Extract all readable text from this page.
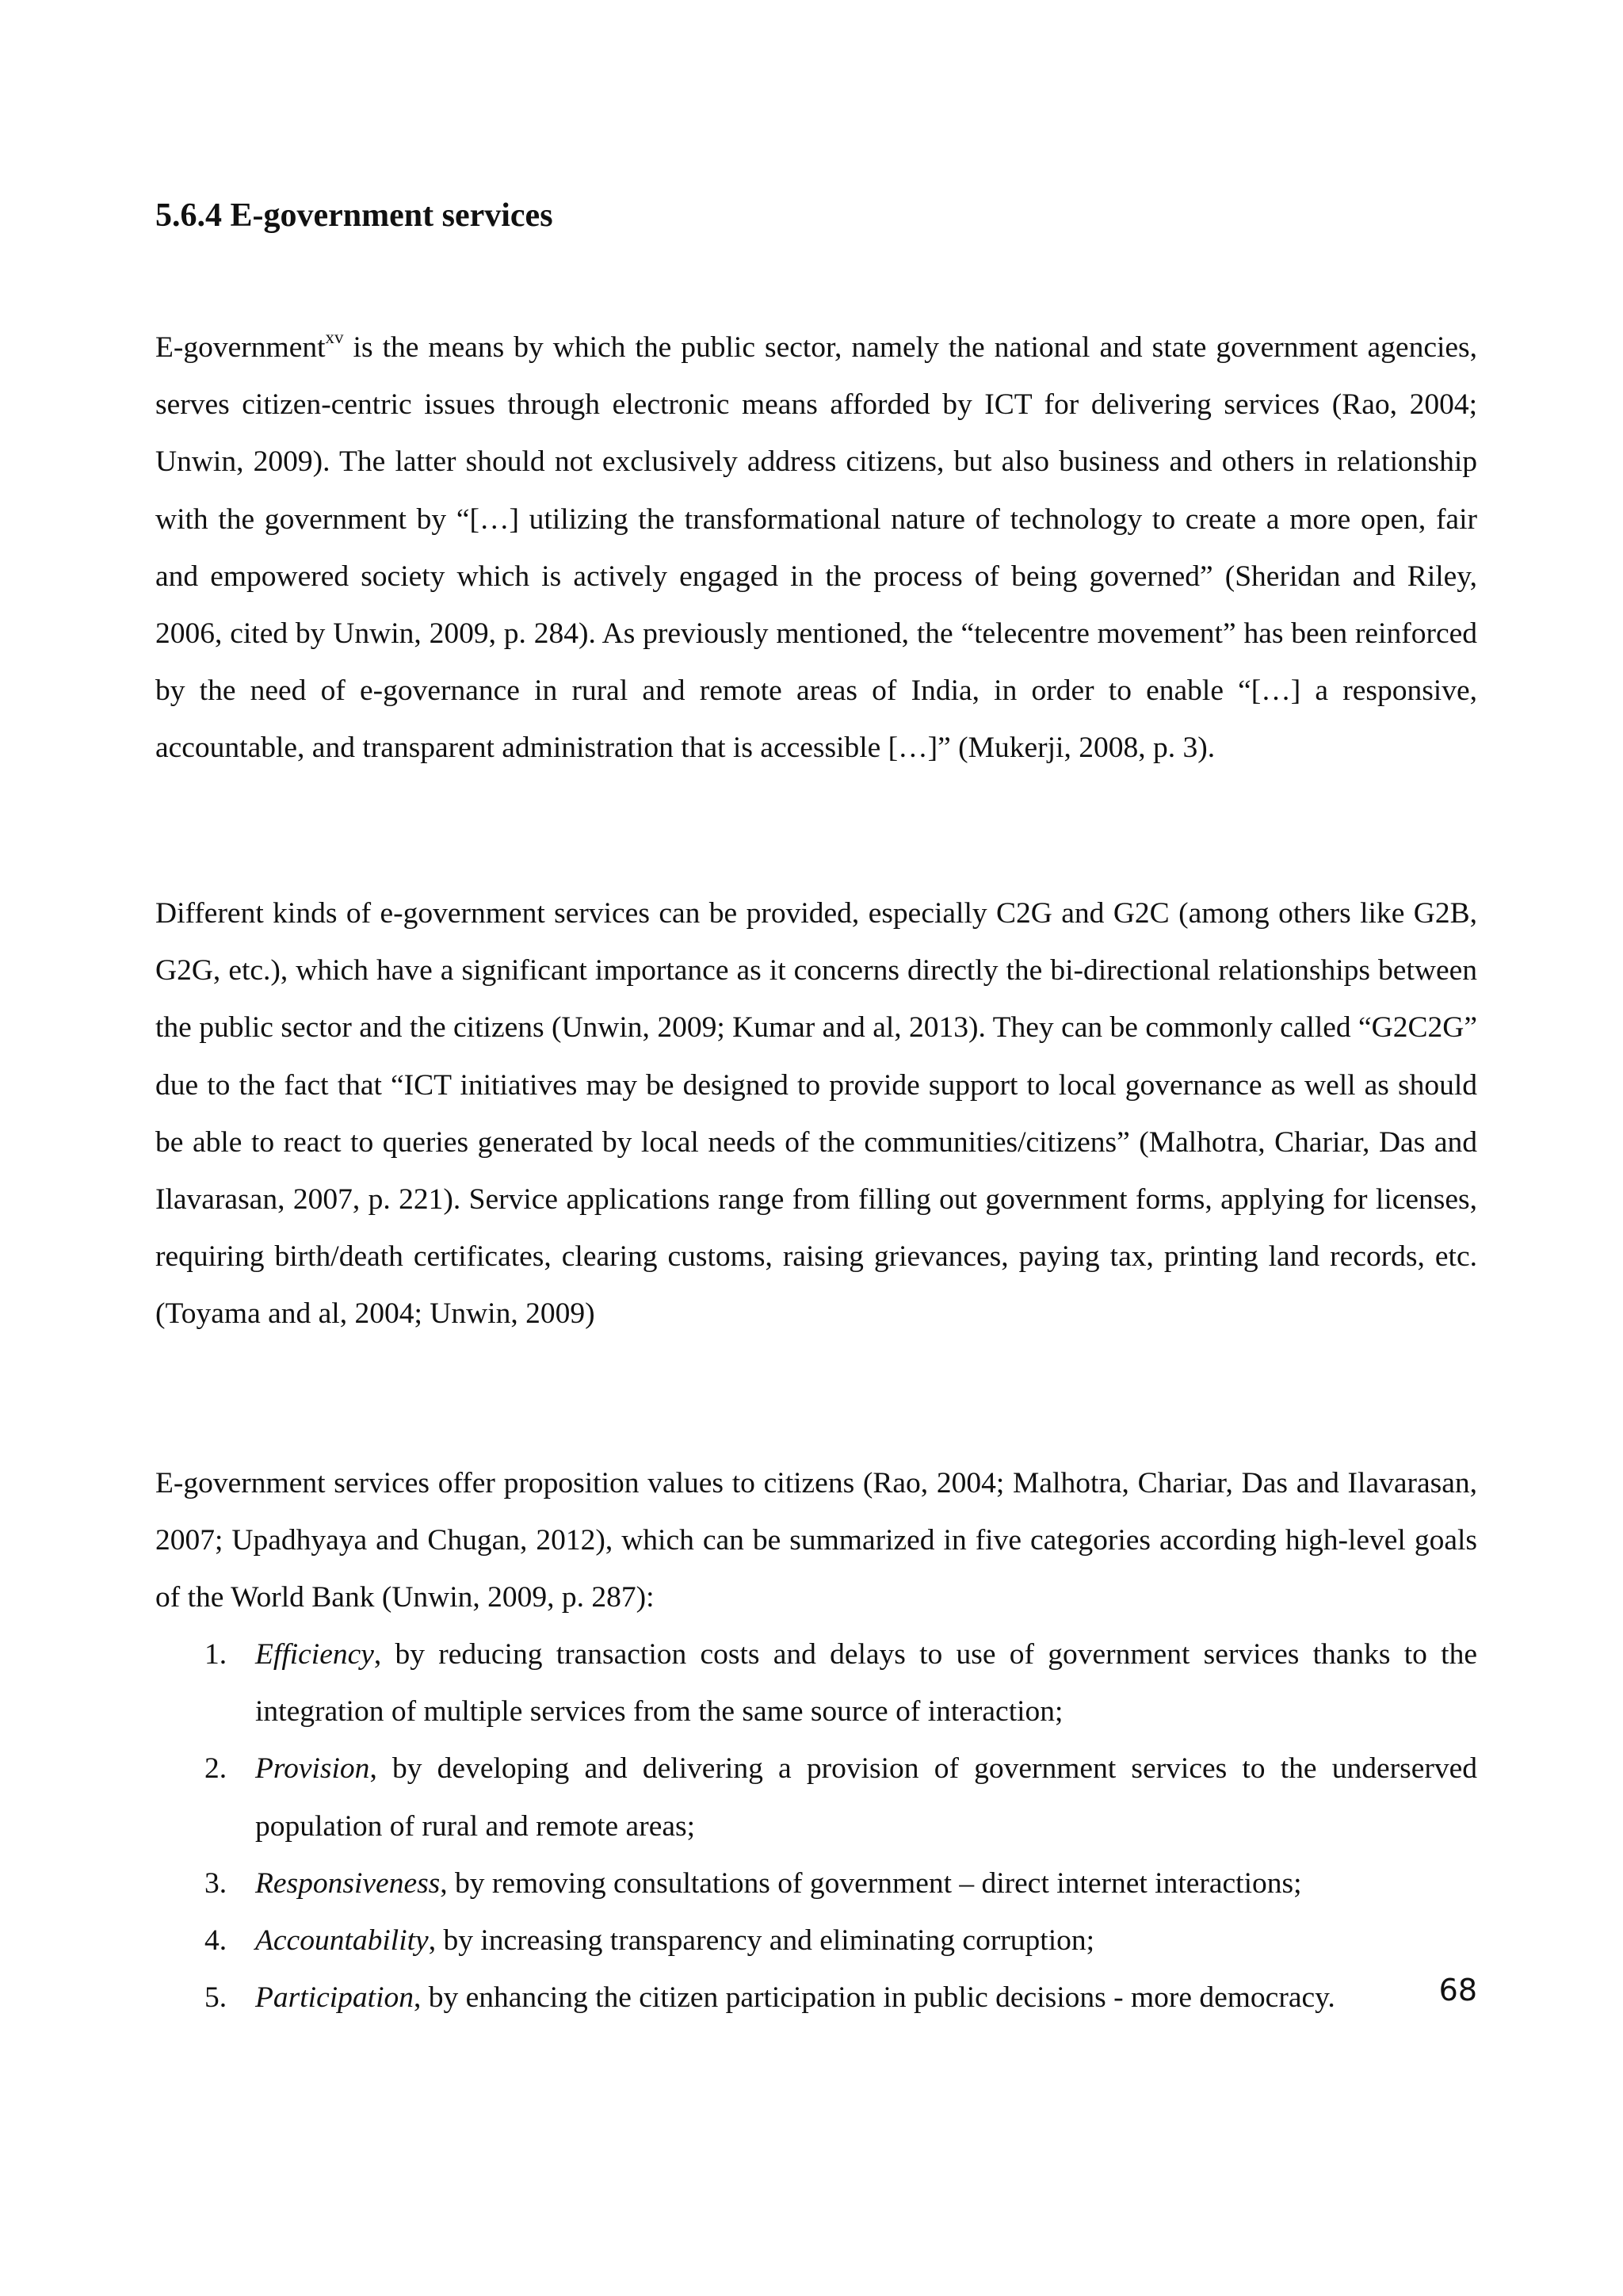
5.6.4 E-government services

E-government$^{xv}$ is the means by which the public sector, namely the national and state government agencies, serves citizen-centric issues through electronic means afforded by ICT for delivering services (Rao, 2004; Unwin, 2009). The latter should not exclusively address citizens, but also business and others in relationship with the government by “[…] utilizing the transformational nature of technology to create a more open, fair and empowered society which is actively engaged in the process of being governed” (Sheridan and Riley, 2006, cited by Unwin, 2009, p. 284). As previously mentioned, the “telecentre movement” has been reinforced by the need of e-governance in rural and remote areas of India, in order to enable “[…] a responsive, accountable, and transparent administration that is accessible […]” (Mukerji, 2008, p. 3).

Different kinds of e-government services can be provided, especially C2G and G2C (among others like G2B, G2G, etc.), which have a significant importance as it concerns directly the bi-directional relationships between the public sector and the citizens (Unwin, 2009; Kumar and al, 2013). They can be commonly called “G2C2G” due to the fact that “ICT initiatives may be designed to provide support to local governance as well as should be able to react to queries generated by local needs of the communities/citizens” (Malhotra, Chariar, Das and Ilavarasan, 2007, p. 221). Service applications range from filling out government forms, applying for licenses, requiring birth/death certificates, clearing customs, raising grievances, paying tax, printing land records, etc. (Toyama and al, 2004; Unwin, 2009)

E-government services offer proposition values to citizens (Rao, 2004; Malhotra, Chariar, Das and Ilavarasan, 2007; Upadhyaya and Chugan, 2012), which can be summarized in five categories according high-level goals of the World Bank (Unwin, 2009, p. 287):

1. Efficiency, by reducing transaction costs and delays to use of government services thanks to the integration of multiple services from the same source of interaction;
2. Provision, by developing and delivering a provision of government services to the underserved population of rural and remote areas;
3. Responsiveness, by removing consultations of government – direct internet interactions;
4. Accountability, by increasing transparency and eliminating corruption;
5. Participation, by enhancing the citizen participation in public decisions - more democracy.	68
